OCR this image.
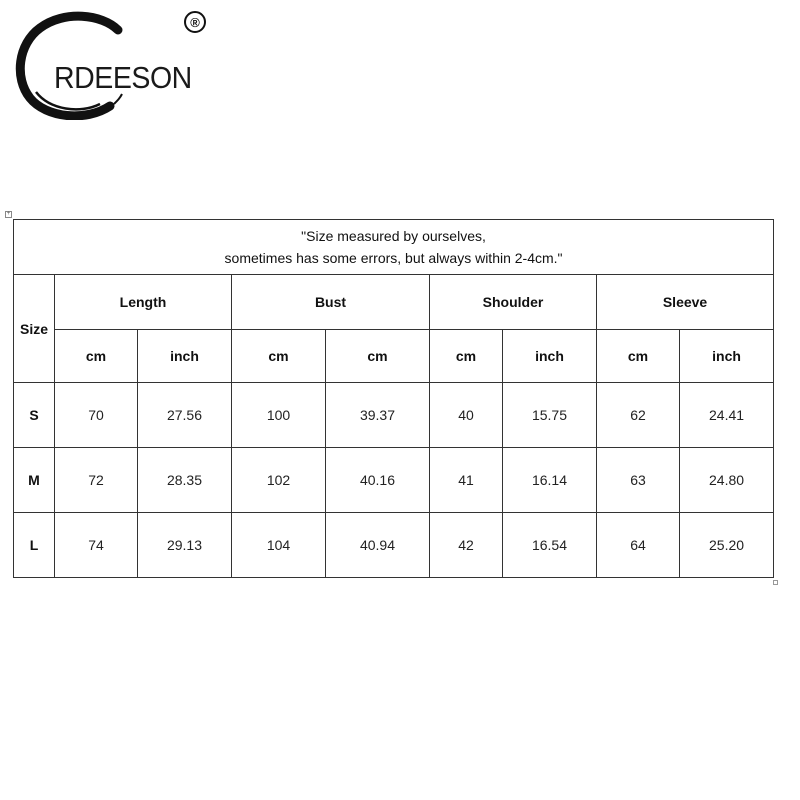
RDEESON
®
+
"Size measured by ourselves,
sometimes has some errors, but always within 2-4cm."								

Size	Length		Bust		Shoulder		Sleeve	
	cm	inch	cm	cm	cm	inch	cm	inch
S	70	27.56	100	39.37	40	15.75	62	24.41
M	72	28.35	102	40.16	41	16.14	63	24.80
L	74	29.13	104	40.94	42	16.54	64	25.20
